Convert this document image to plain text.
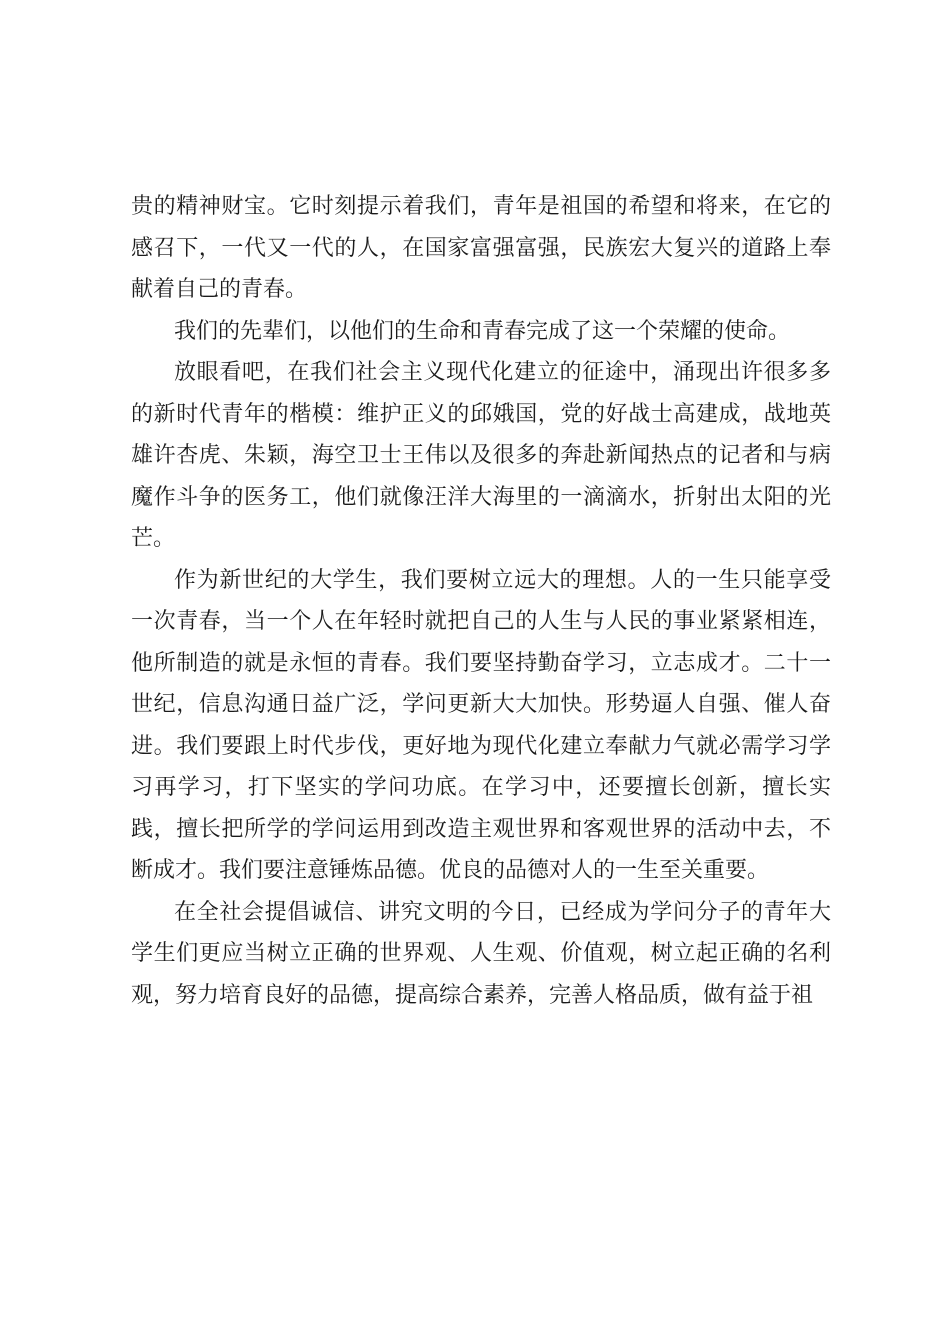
贵的精神财宝。它时刻提示着我们，青年是祖国的希望和将来，在它的感召下，一代又一代的人，在国家富强富强，民族宏大复兴的道路上奉献着自己的青春。

我们的先辈们，以他们的生命和青春完成了这一个荣耀的使命。

放眼看吧，在我们社会主义现代化建立的征途中，涌现出许很多多的新时代青年的楷模：维护正义的邱娥国，党的好战士高建成，战地英雄许杏虎、朱颖，海空卫士王伟以及很多的奔赴新闻热点的记者和与病魔作斗争的医务工，他们就像汪洋大海里的一滴滴水，折射出太阳的光芒。

作为新世纪的大学生，我们要树立远大的理想。人的一生只能享受一次青春，当一个人在年轻时就把自己的人生与人民的事业紧紧相连，他所制造的就是永恒的青春。我们要坚持勤奋学习，立志成才。二十一世纪，信息沟通日益广泛，学问更新大大加快。形势逼人自强、催人奋进。我们要跟上时代步伐，更好地为现代化建立奉献力气就必需学习学习再学习，打下坚实的学问功底。在学习中，还要擅长创新，擅长实践，擅长把所学的学问运用到改造主观世界和客观世界的活动中去，不断成才。我们要注意锤炼品德。优良的品德对人的一生至关重要。

在全社会提倡诚信、讲究文明的今日，已经成为学问分子的青年大学生们更应当树立正确的世界观、人生观、价值观，树立起正确的名利观，努力培育良好的品德，提高综合素养，完善人格品质，做有益于祖
